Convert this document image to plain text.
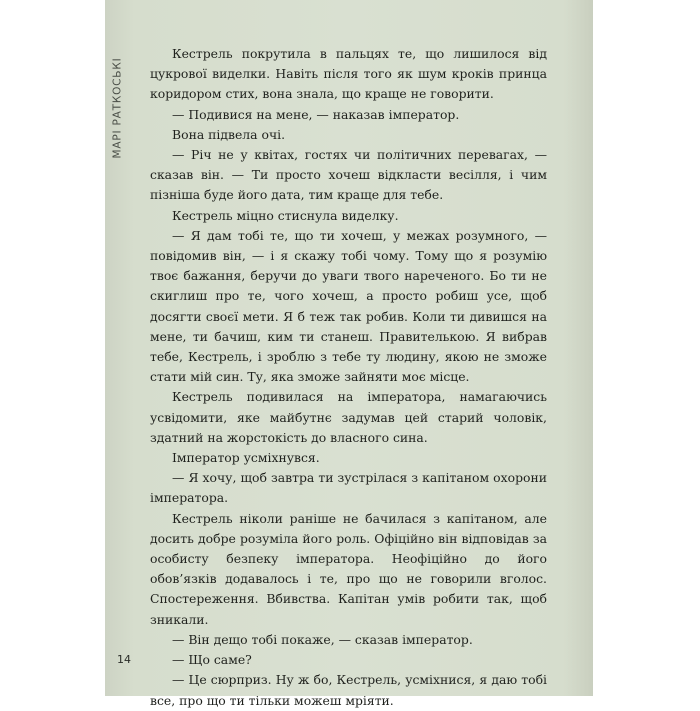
МАРІ РАТКОСЬКІ

Кестрель покрутила в пальцях те, що лишилося від цукрової виделки. Навіть після того як шум кроків принца коридором стих, вона знала, що краще не говорити.

— Подивися на мене, — наказав імператор.

Вона підвела очі.

— Річ не у квітах, гостях чи політичних перевагах, — сказав він. — Ти просто хочеш відкласти весілля, і чим пізніша буде його дата, тим краще для тебе.

Кестрель міцно стиснула виделку.

— Я дам тобі те, що ти хочеш, у межах розумного, — повідомив він, — і я скажу тобі чому. Тому що я розумію твоє бажання, беручи до уваги твого нареченого. Бо ти не скиглиш про те, чого хочеш, а просто робиш усе, щоб досягти своєї мети. Я б теж так робив. Коли ти дивишся на мене, ти бачиш, ким ти станеш. Правителькою. Я вибрав тебе, Кестрель, і зроблю з тебе ту людину, якою не зможе стати мій син. Ту, яка зможе зайняти моє місце.

Кестрель подивилася на імператора, намагаючись усвідомити, яке майбутнє задумав цей старий чоловік, здатний на жорстокість до власного сина.

Імператор усміхнувся.

— Я хочу, щоб завтра ти зустрілася з капітаном охорони імператора.

Кестрель ніколи раніше не бачилася з капітаном, але досить добре розуміла його роль. Офіційно він відповідав за особисту безпеку імператора. Неофіційно до його обов’язків додавалось і те, про що не говорили вголос. Спостереження. Вбивства. Капітан умів робити так, щоб зникали.

— Він дещо тобі покаже, — сказав імператор.

— Що саме?

— Це сюрприз. Ну ж бо, Кестрель, усміхнися, я даю тобі все, про що ти тільки можеш мріяти.

14
